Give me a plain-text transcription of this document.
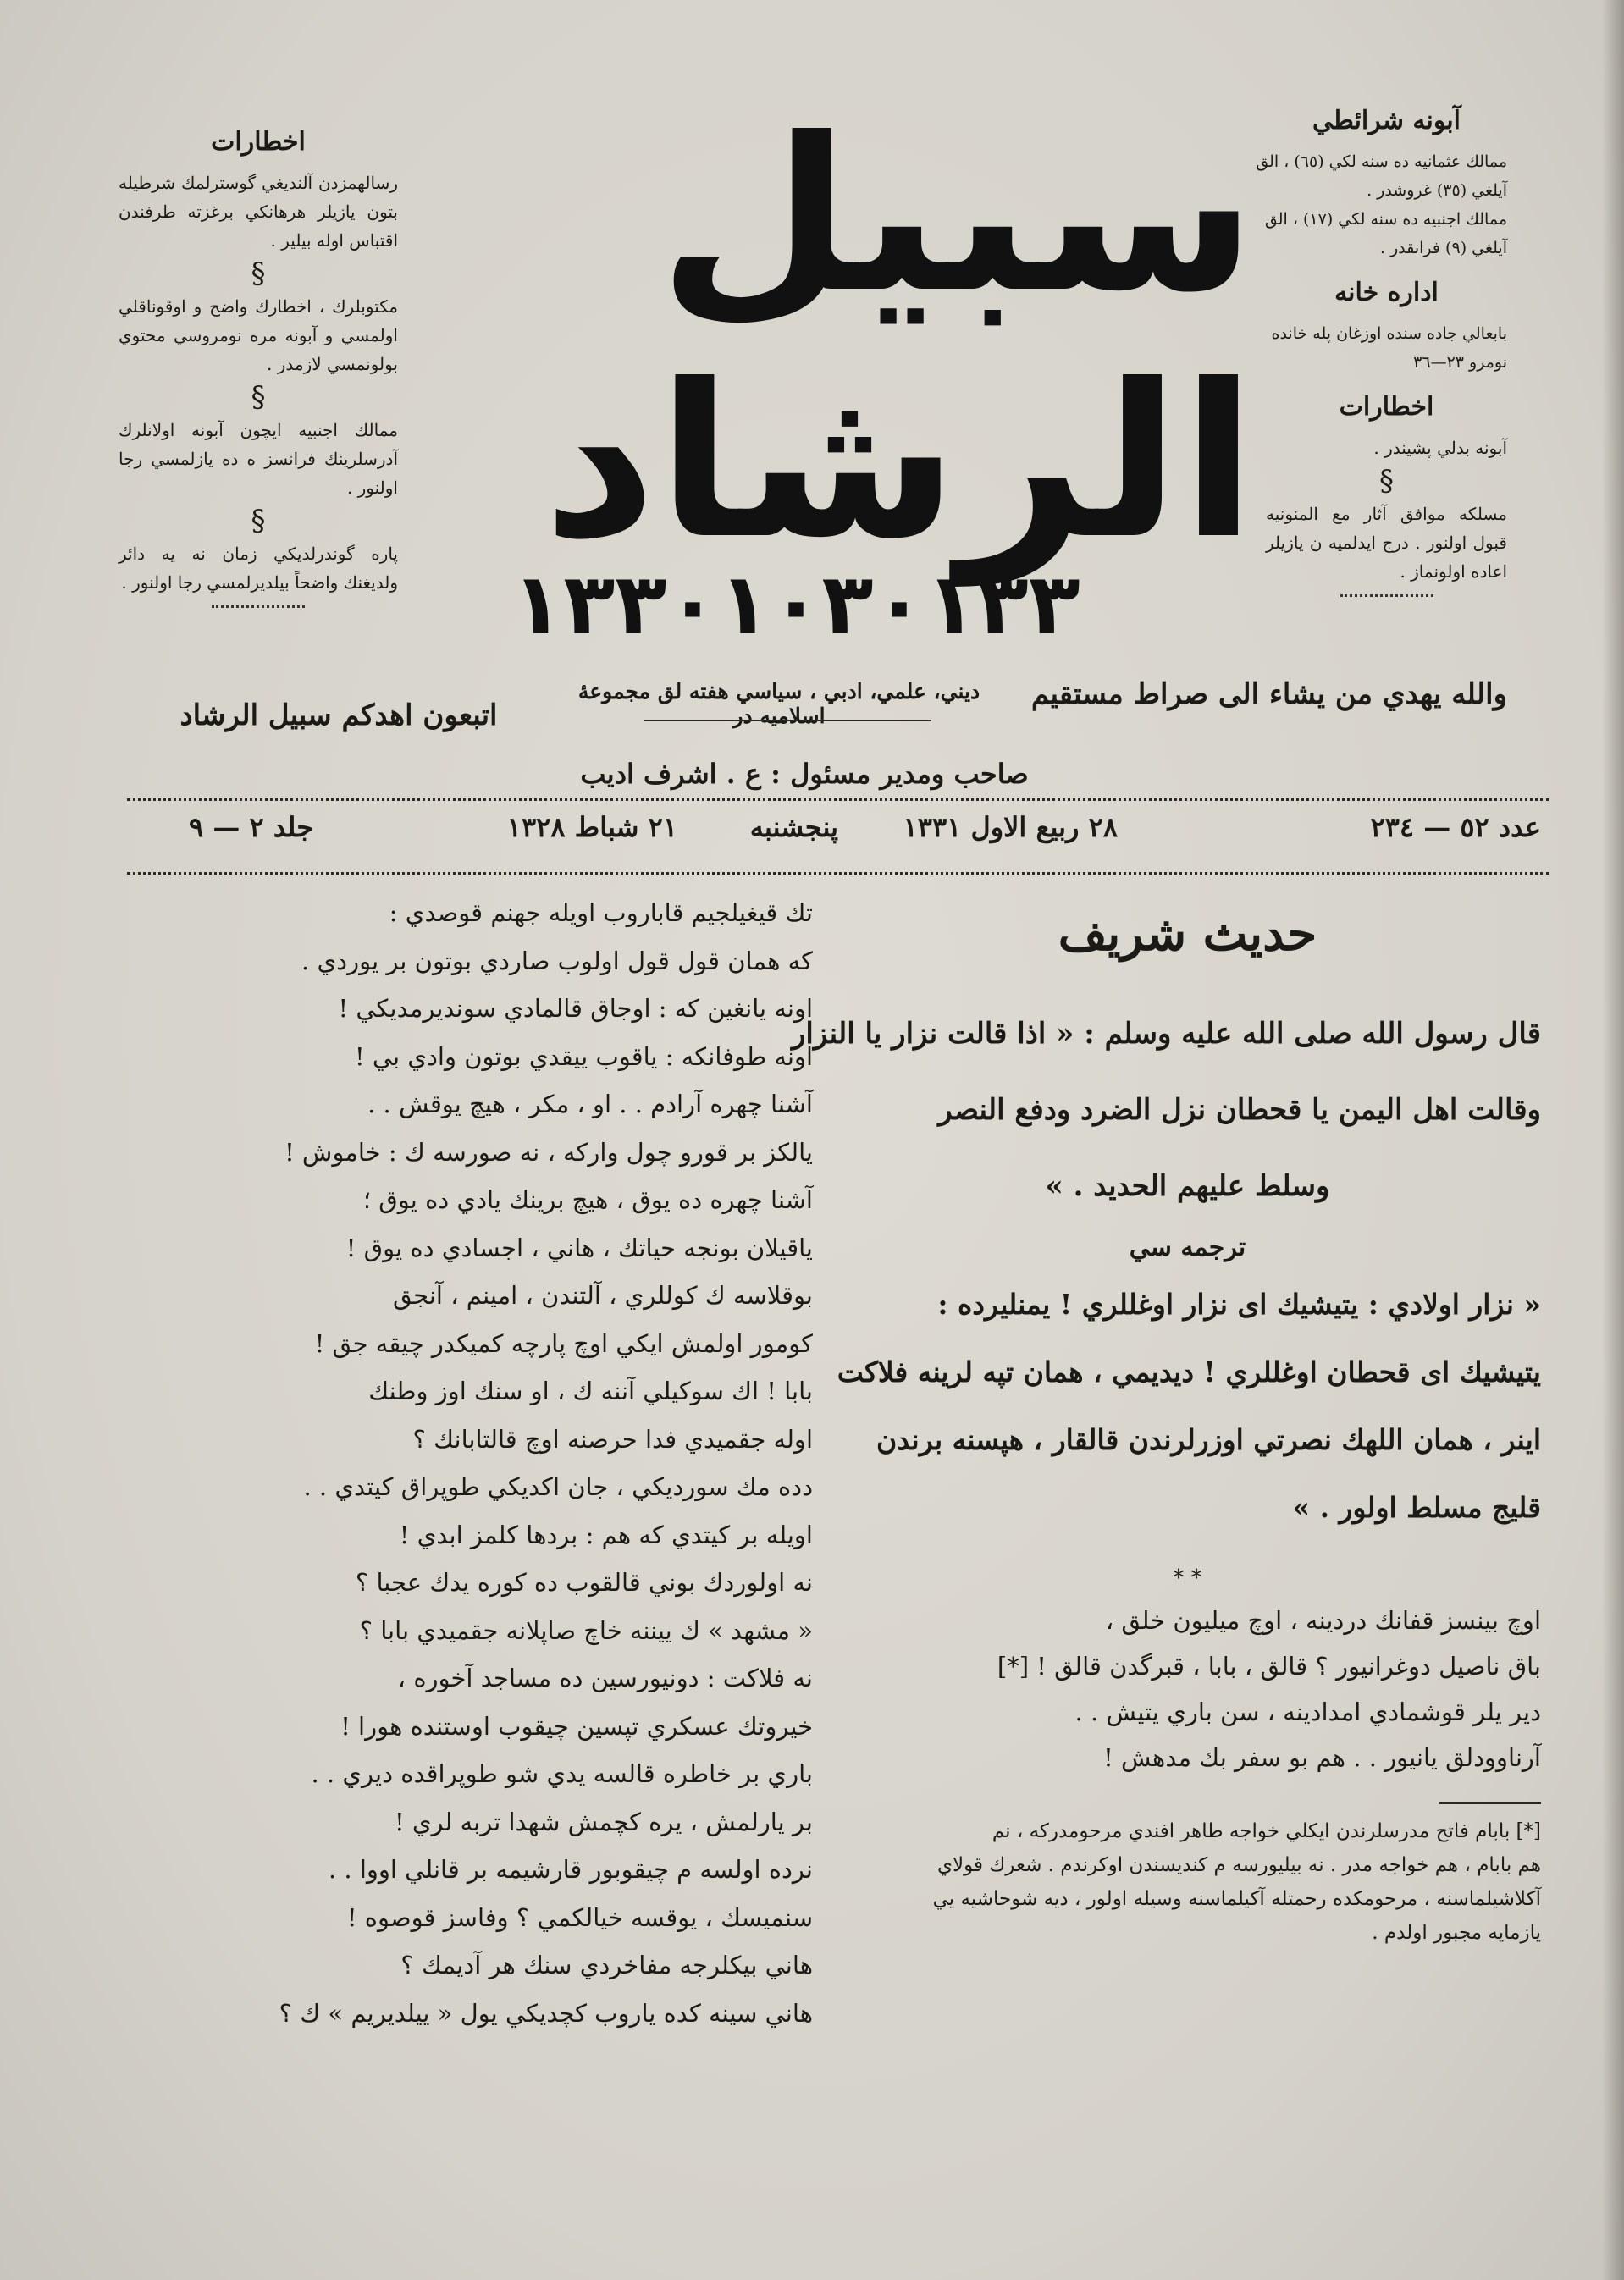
اخطارات

رسالهمزدن آلنديغي گوسترلمك شرطيله بتون يازيلر هرهانكي برغزته طرفندن اقتباس اوله بيلير .

§

مكتوبلرك ، اخطارك واضح و اوقوناقلي اولمسي و آبونه مره نومروسي محتوي بولونمسي لازمدر .

§

ممالك اجنبيه ايچون آبونه اولانلرك آدرسلرينك فرانسز ه ده يازلمسي رجا اولنور .

§

پاره گوندرلديكي زمان نه يه دائر ولديغنك واضحاً بيلديرلمسي رجا اولنور .

سبيل الرشاد
۱۳۳۰۱۰۳۰۱۳۳
آبونه شرائطي

ممالك عثمانيه ده سنه لكي (٦٥) ، الق

آيلغي (٣٥) غروشدر .

ممالك اجنبيه ده سنه لكي (١٧) ، الق

آيلغي (٩) فرانقدر .

اداره خانه

بابعالي جاده سنده اوزغان پله خانده

نومرو ٢٣—٣٦

اخطارات

آبونه بدلي پشيندر .

§

مسلكه موافق آثار مع المنونيه قبول اولنور . درج ايدلميه ن يازيلر اعاده اولونماز .

والله يهدي من يشاء الى صراط مستقيم
ديني، علمي، ادبي ، سياسي هفته لق مجموعهٔ اسلاميه در
اتبعون اهدكم سبيل الرشاد
صاحب ومدير مسئول : ع . اشرف اديب
عدد ٥٢ — ٢٣٤
٢٨ ربيع الاول ١٣٣١
پنجشنبه
٢١ شباط ١٣٢٨
جلد ٢ — ٩
حديث شريف
قال رسول الله صلى الله عليه وسلم : « اذا قالت نزار يا النزار
وقالت اهل اليمن يا قحطان نزل الضرد ودفع النصر
وسلط عليهم الحديد . »
ترجمه سي
« نزار اولادي : يتيشيك اى نزار اوغللري ! يمنليرده :
يتيشيك اى قحطان اوغللري ! ديديمي ، همان تپه لرينه فلاكت
اينر ، همان اللهك نصرتي اوزرلرندن قالقار ، هپسنه برندن
قليج مسلط اولور . »
* *
اوچ بينسز قفانك دردينه ، اوچ ميليون خلق ،
باق ناصيل دوغرانيور ؟ قالق ، بابا ، قبرگدن قالق ! [*]
دير يلر قوشمادي امدادينه ، سن باري يتيش . .
آرناوودلق يانيور . . هم بو سفر بك مدهش !
[*] بابام فاتح مدرسلرندن ايكلي خواجه طاهر افندي مرحومدركه ، نم
هم بابام ، هم خواجه مدر . نه بيليورسه م كنديسندن اوكرندم . شعرك قولاي
آكلاشيلماسنه ، مرحومكده رحمتله آكيلماسنه وسيله اولور ، ديه شوحاشيه يي
يازمايه مجبور اولدم .
تك قيغيلجيم قاباروب اويله جهنم قوصدي :
كه همان قول قول اولوب صاردي بوتون بر يوردي .
اونه يانغين كه : اوجاق قالمادي سونديرمديكي !
اونه طوفانكه : ياقوب ييقدي بوتون وادي بي !
آشنا چهره آرادم . . او ، مكر ، هيچ يوقش . .
يالكز بر قورو چول واركه ، نه صورسه ك : خاموش !
آشنا چهره ده يوق ، هيچ برينك يادي ده يوق ؛
ياقيلان بونجه حياتك ، هاني ، اجسادي ده يوق !
بوقلاسه ك كوللري ، آلتندن ، امينم ، آنجق
كومور اولمش ايكي اوچ پارچه كميكدر چيقه جق !
بابا ! اك سوكيلي آننه ك ، او سنك اوز وطنك
اوله جقميدي فدا حرصنه اوچ قالتابانك ؟
دده مك سورديكي ، جان اكديكي طوپراق كيتدي . .
اويله بر كيتدي كه هم : بردها كلمز ابدي !
نه اولوردك بوني قالقوب ده كوره يدك عجبا ؟
« مشهد » ك ييننه خاچ صاپلانه جقميدي بابا ؟
نه فلاكت : دونيورسين ده مساجد آخوره ،
خيروتك عسكري تپسين چيقوب اوستنده هورا !
باري بر خاطره قالسه يدي شو طوپراقده ديري . .
بر يارلمش ، يره كچمش شهدا تربه لري !
نرده اولسه م چيقوبور قارشيمه بر قانلي اووا . .
سنميسك ، يوقسه خيالكمي ؟ وفاسز قوصوه !
هاني بيكلرجه مفاخردي سنك هر آديمك ؟
هاني سينه كده ياروب كچديكي يول « ييلديريم » ك ؟
